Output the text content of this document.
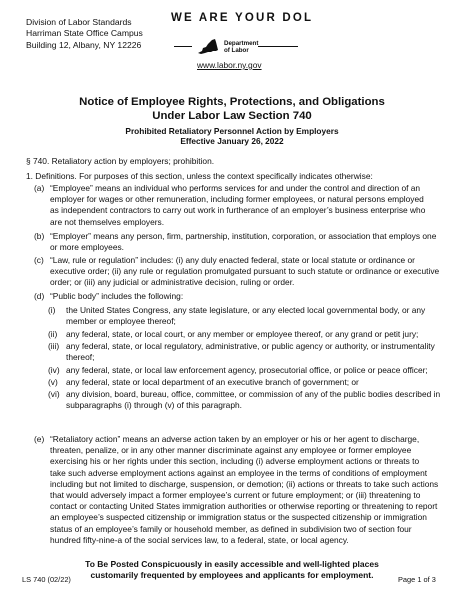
Division of Labor Standards
Harriman State Office Campus
Building 12, Albany, NY 12226
WE ARE YOUR DOL
Department
of Labor
www.labor.ny.gov
Notice of Employee Rights, Protections, and Obligations
Under Labor Law Section 740
Prohibited Retaliatory Personnel Action by Employers
Effective January 26, 2022
§ 740. Retaliatory action by employers; prohibition.
1. Definitions. For purposes of this section, unless the context specifically indicates otherwise:
(a) “Employee” means an individual who performs services for and under the control and direction of an
employer for wages or other remuneration, including former employees, or natural persons employed
as independent contractors to carry out work in furtherance of an employer’s business enterprise who
are not themselves employers.
(b) “Employer” means any person, firm, partnership, institution, corporation, or association that employs one
or more employees.
(c) “Law, rule or regulation” includes: (i) any duly enacted federal, state or local statute or ordinance or
executive order; (ii) any rule or regulation promulgated pursuant to such statute or ordinance or executive
order; or (iii) any judicial or administrative decision, ruling or order.
(d) “Public body” includes the following:
(e) “Retaliatory action” means an adverse action taken by an employer or his or her agent to discharge,
threaten, penalize, or in any other manner discriminate against any employee or former employee
exercising his or her rights under this section, including (i) adverse employment actions or threats to
take such adverse employment actions against an employee in the terms of conditions of employment
including but not limited to discharge, suspension, or demotion; (ii) actions or threats to take such actions
that would adversely impact a former employee’s current or future employment; or (iii) threatening to
contact or contacting United States immigration authorities or otherwise reporting or threatening to report
an employee’s suspected citizenship or immigration status or the suspected citizenship or immigration
status of an employee’s family or household member, as defined in subdivision two of section four
hundred fifty-nine-a of the social services law, to a federal, state, or local agency.
(i) the United States Congress, any state legislature, or any elected local governmental body, or any
member or employee thereof;
(ii) any federal, state, or local court, or any member or employee thereof, or any grand or petit jury;
(iii) any federal, state, or local regulatory, administrative, or public agency or authority, or instrumentality
thereof;
(iv) any federal, state, or local law enforcement agency, prosecutorial office, or police or peace officer;
(v) any federal, state or local department of an executive branch of government; or
(vi) any division, board, bureau, office, committee, or commission of any of the public bodies described in
subparagraphs (i) through (v) of this paragraph.
To Be Posted Conspicuously in easily accessible and well-lighted places
customarily frequented by employees and applicants for employment.
LS 740 (02/22)	Page 1 of 3
